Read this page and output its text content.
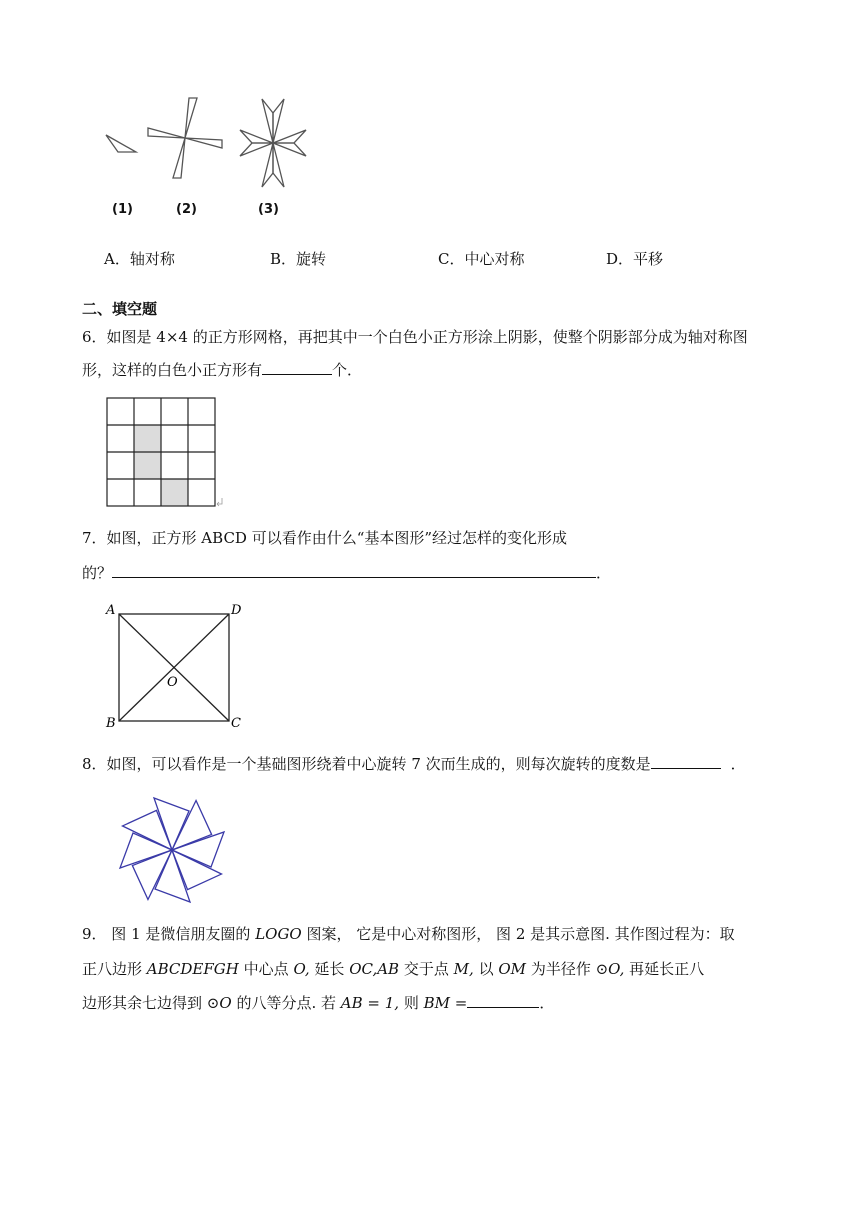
(1)	(2)	(3)
A．轴对称	B．旋转	C．中心对称	D．平移
二、填空题
6．如图是 4×4 的正方形网格，再把其中一个白色小正方形涂上阴影，使整个阴影部分成为轴对称图
形，这样的白色小正方形有	个．
7．如图，正方形 ABCD 可以看作由什么“基本图形”经过怎样的变化形成
的？	．
A	D
B	C
O
8．如图，可以看作是一个基础图形绕着中心旋转 7 次而生成的，则每次旋转的度数是	．
9． 图 1 是微信朋友圈的 LOGO 图案， 它是中心对称图形， 图 2 是其示意图. 其作图过程为：取
正八边形 ABCDEFGH 中心点 O, 延长 OC,AB 交于点 M, 以 OM 为半径作 ⊙O, 再延长正八
边形其余七边得到 ⊙O 的八等分点. 若 AB = 1, 则 BM =	．
